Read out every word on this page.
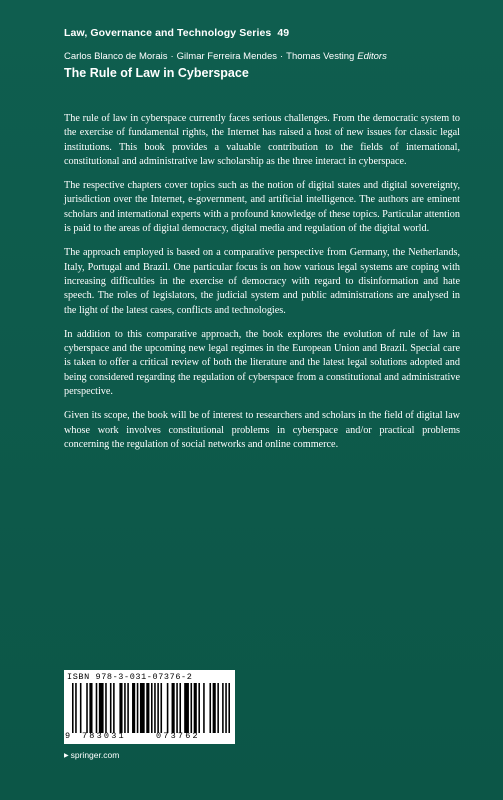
Law, Governance and Technology Series 49
Carlos Blanco de Morais · Gilmar Ferreira Mendes · Thomas Vesting Editors
The Rule of Law in Cyberspace

The rule of law in cyberspace currently faces serious challenges. From the democratic system to the exercise of fundamental rights, the Internet has raised a host of new issues for classic legal institutions. This book provides a valuable contribution to the fields of international, constitutional and administrative law scholarship as the three interact in cyberspace.

The respective chapters cover topics such as the notion of digital states and digital sovereignty, jurisdiction over the Internet, e-government, and artificial intelligence. The authors are eminent scholars and international experts with a profound knowledge of these topics. Particular attention is paid to the areas of digital democracy, digital media and regulation of the digital world.

The approach employed is based on a comparative perspective from Germany, the Netherlands, Italy, Portugal and Brazil. One particular focus is on how various legal systems are coping with increasing difficulties in the exercise of democracy with regard to disinformation and hate speech. The roles of legislators, the judicial system and public administrations are analysed in the light of the latest cases, conflicts and technologies.

In addition to this comparative approach, the book explores the evolution of rule of law in cyberspace and the upcoming new legal regimes in the European Union and Brazil. Special care is taken to offer a critical review of both the literature and the latest legal solutions adopted and being considered regarding the regulation of cyberspace from a constitutional and administrative perspective.

Given its scope, the book will be of interest to researchers and scholars in the field of digital law whose work involves constitutional problems in cyberspace and/or practical problems concerning the regulation of social networks and online commerce.

ISBN 978-3-031-07376-2
9 783031	073762
▶ springer.com
